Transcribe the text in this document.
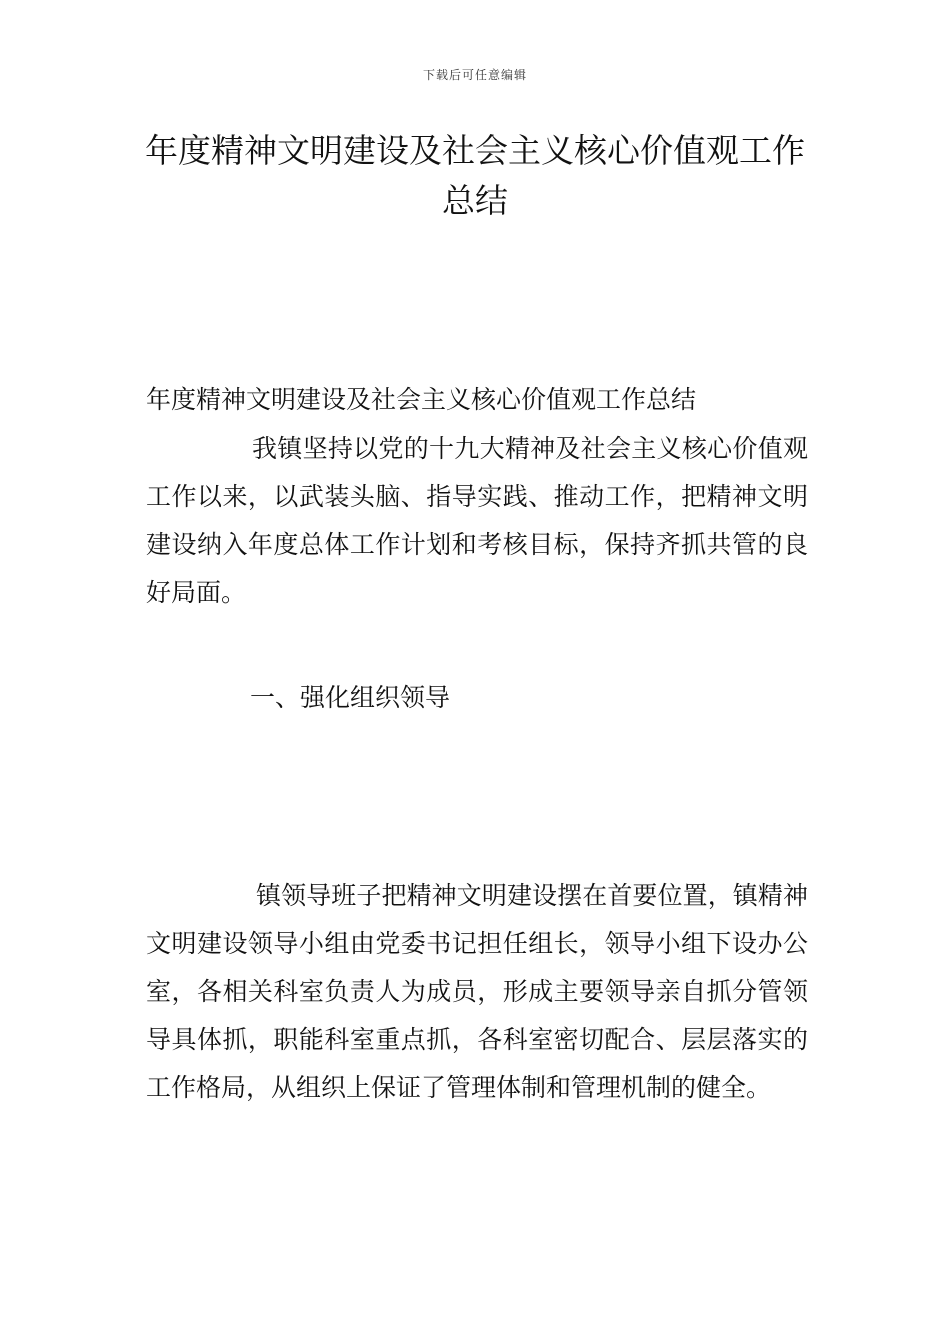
下载后可任意编辑
年度精神文明建设及社会主义核心价值观工作总结

年度精神文明建设及社会主义核心价值观工作总结

我镇坚持以党的十九大精神及社会主义核心价值观工作以来，以武装头脑、指导实践、推动工作，把精神文明建设纳入年度总体工作计划和考核目标，保持齐抓共管的良好局面。

一、强化组织领导

镇领导班子把精神文明建设摆在首要位置，镇精神文明建设领导小组由党委书记担任组长，领导小组下设办公室，各相关科室负责人为成员，形成主要领导亲自抓分管领导具体抓，职能科室重点抓，各科室密切配合、层层落实的工作格局，从组织上保证了管理体制和管理机制的健全。
